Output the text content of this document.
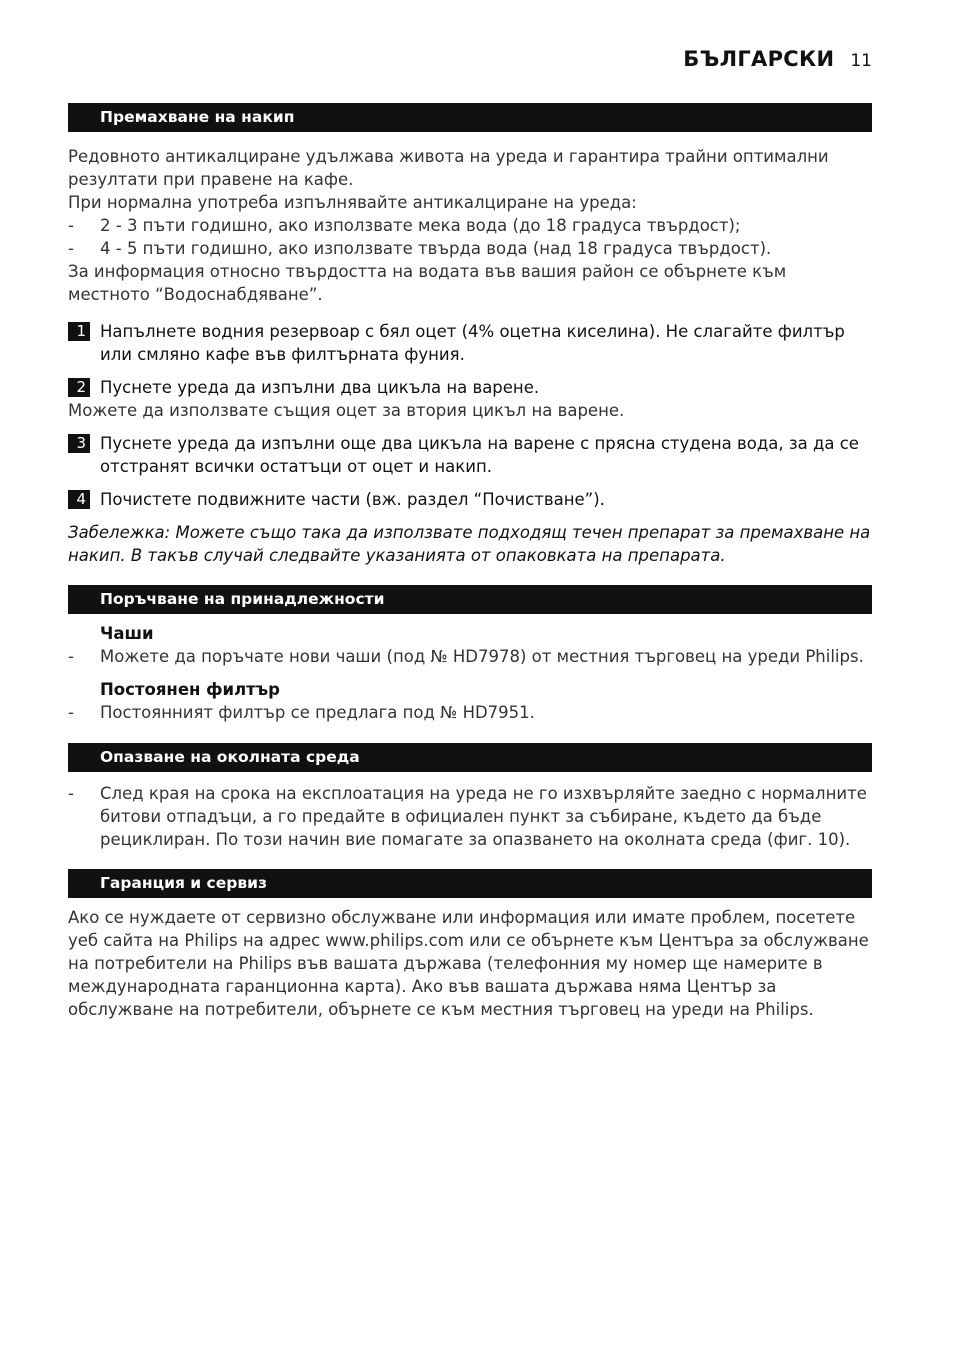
БЪЛГАРСКИ 11
Премахване на накип

Редовното антикалциране удължава живота на уреда и гарантира трайни оптимални резултати при правене на кафе.

При нормална употреба изпълнявайте антикалциране на уреда:

-	2 - 3 пъти годишно, ако използвате мека вода (до 18 градуса твърдост);
-	4 - 5 пъти годишно, ако използвате твърда вода (над 18 градуса твърдост).

За информация относно твърдостта на водата във вашия район се обърнете към местното “Водоснабдяване”.

1 Напълнете водния резервоар с бял оцет (4% оцетна киселина). Не слагайте филтър или смляно кафе във филтърната фуния.
2 Пуснете уреда да изпълни два цикъла на варене.

Можете да използвате същия оцет за втория цикъл на варене.

3 Пуснете уреда да изпълни още два цикъла на варене с прясна студена вода, за да се отстранят всички остатъци от оцет и накип.
4 Почистете подвижните части (вж. раздел “Почистване”).

Забележка: Можете също така да използвате подходящ течен препарат за премахване на накип. В такъв случай следвайте указанията от опаковката на препарата.

Поръчване на принадлежности
Чаши
-	Можете да поръчате нови чаши (под № HD7978) от местния търговец на уреди Philips.
Постоянен филтър
-	Постоянният филтър се предлага под № HD7951.
Опазване на околната среда
-	След края на срока на експлоатация на уреда не го изхвърляйте заедно с нормалните битови отпадъци, а го предайте в официален пункт за събиране, където да бъде рециклиран. По този начин вие помагате за опазването на околната среда (фиг. 10).
Гаранция и сервиз

Ако се нуждаете от сервизно обслужване или информация или имате проблем, посетете уеб сайта на Philips на адрес www.philips.com или се обърнете към Центъра за обслужване на потребители на Philips във вашата държава (телефонния му номер ще намерите в международната гаранционна карта). Ако във вашата държава няма Център за обслужване на потребители, обърнете се към местния търговец на уреди на Philips.
